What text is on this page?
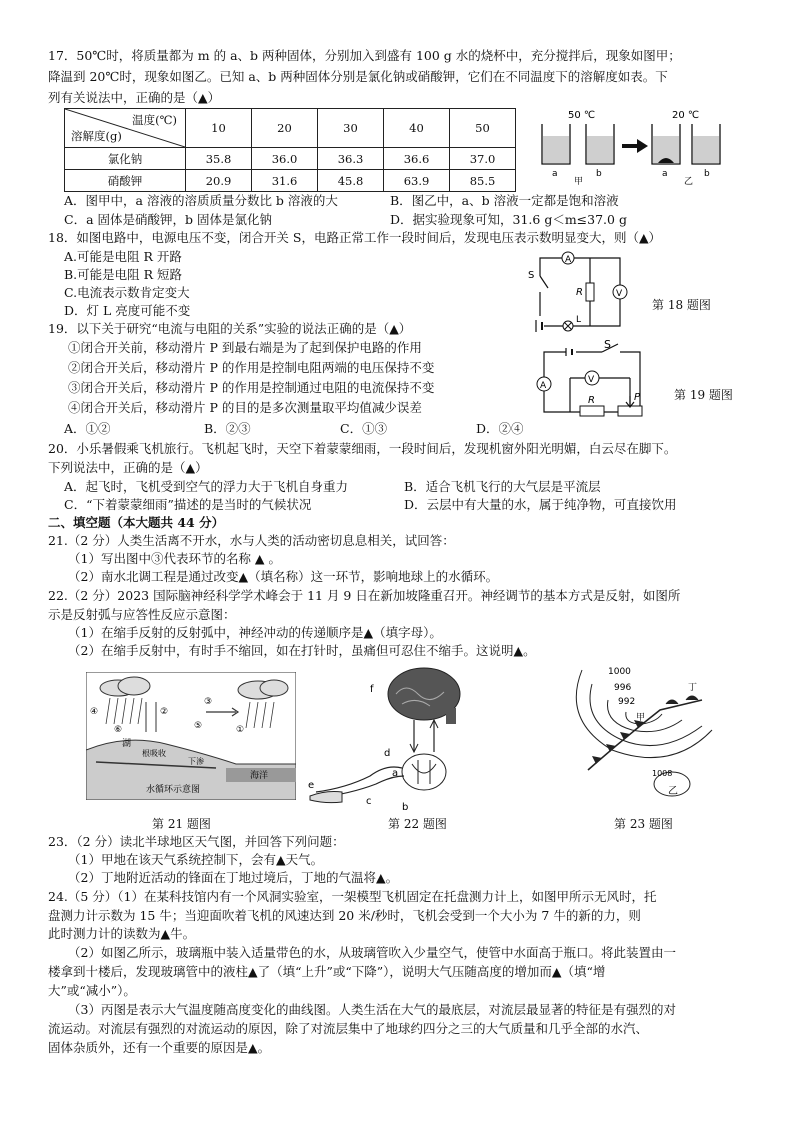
17．50℃时，将质量都为 m 的 a、b 两种固体，分别加入到盛有 100 g 水的烧杯中，充分搅拌后，现象如图甲；
降温到 20℃时，现象如图乙。已知 a、b 两种固体分别是氯化钠或硝酸钾，它们在不同温度下的溶解度如表。下
列有关说法中，正确的是（▲）
温度(℃)
溶解度(g)	10	20	30	40	50
氯化钠	35.8	36.0	36.3	36.6	37.0
硝酸钾	20.9	31.6	45.8	63.9	85.5
50 ℃	20 ℃
a	b
甲
a	b
乙
A．图甲中，a 溶液的溶质质量分数比 b 溶液的大	B．图乙中，a、b 溶液一定都是饱和溶液
C．a 固体是硝酸钾，b 固体是氯化钠	D．据实验现象可知，31.6 g＜m≤37.0 g
18．如图电路中，电源电压不变，闭合开关 S，电路正常工作一段时间后，发现电压表示数明显变大，则（▲）
A.可能是电阻 R 开路
B.可能是电阻 R 短路
C.电流表示数肯定变大
D．灯 L 亮度可能不变
A
R	V
S
L
第 18 题图
19．以下关于研究“电流与电阻的关系”实验的说法正确的是（▲）
①闭合开关前，移动滑片 P 到最右端是为了起到保护电路的作用
②闭合开关后，移动滑片 P 的作用是控制电阻两端的电压保持不变
③闭合开关后，移动滑片 P 的作用是控制通过电阻的电流保持不变
④闭合开关后，移动滑片 P 的目的是多次测量取平均值减少误差
A．①②	B．②③	C．①③	D．②④
S
A
V
R	P	第 19 题图
20．小乐暑假乘飞机旅行。飞机起飞时，天空下着蒙蒙细雨，一段时间后，发现机窗外阳光明媚，白云尽在脚下。
下列说法中，正确的是（▲）
A．起飞时，飞机受到空气的浮力大于飞机自身重力	B．适合飞机飞行的大气层是平流层
C．“下着蒙蒙细雨”描述的是当时的气候状况	D．云层中有大量的水，属于纯净物，可直接饮用
二、填空题（本大题共 44 分）
21.（2 分）人类生活离不开水，水与人类的活动密切息息相关，试回答：
（1）写出图中③代表环节的名称 ▲ 。
（2）南水北调工程是通过改变▲（填名称）这一环节，影响地球上的水循环。
22.（2 分）2023 国际脑神经科学学术峰会于 11 月 9 日在新加坡隆重召开。神经调节的基本方式是反射，如图所
示是反射弧与应答性反应示意图：
（1）在缩手反射的反射弧中，神经冲动的传递顺序是▲（填字母）。
（2）在缩手反射中，有时手不缩回，如在打针时，虽痛但可忍住不缩手。这说明▲。
④
⑥
②
③
⑤	①
湖
根吸收
下渗
海洋
水循环示意图
第 21 题图
f
d
a
b
c
e
第 22 题图
1000
996
992
1008
乙
甲
丁
第 23 题图
23．（2 分）读北半球地区天气图，并回答下列问题：
（1）甲地在该天气系统控制下，会有▲天气。
（2）丁地附近活动的锋面在丁地过境后，丁地的气温将▲。
24.（5 分）（1）在某科技馆内有一个风洞实验室，一架模型飞机固定在托盘测力计上，如图甲所示无风时，托
盘测力计示数为 15 牛；当迎面吹着飞机的风速达到 20 米/秒时，飞机会受到一个大小为 7 牛的新的力，则
此时测力计的读数为▲牛。
（2）如图乙所示，玻璃瓶中装入适量带色的水，从玻璃管吹入少量空气，使管中水面高于瓶口。将此装置由一
楼拿到十楼后，发现玻璃管中的液柱▲了（填“上升”或“下降”），说明大气压随高度的增加而▲（填“增
大”或“减小”）。
（3）丙图是表示大气温度随高度变化的曲线图。人类生活在大气的最底层，对流层最显著的特征是有强烈的对
流运动。对流层有强烈的对流运动的原因，除了对流层集中了地球约四分之三的大气质量和几乎全部的水汽、
固体杂质外，还有一个重要的原因是▲。
